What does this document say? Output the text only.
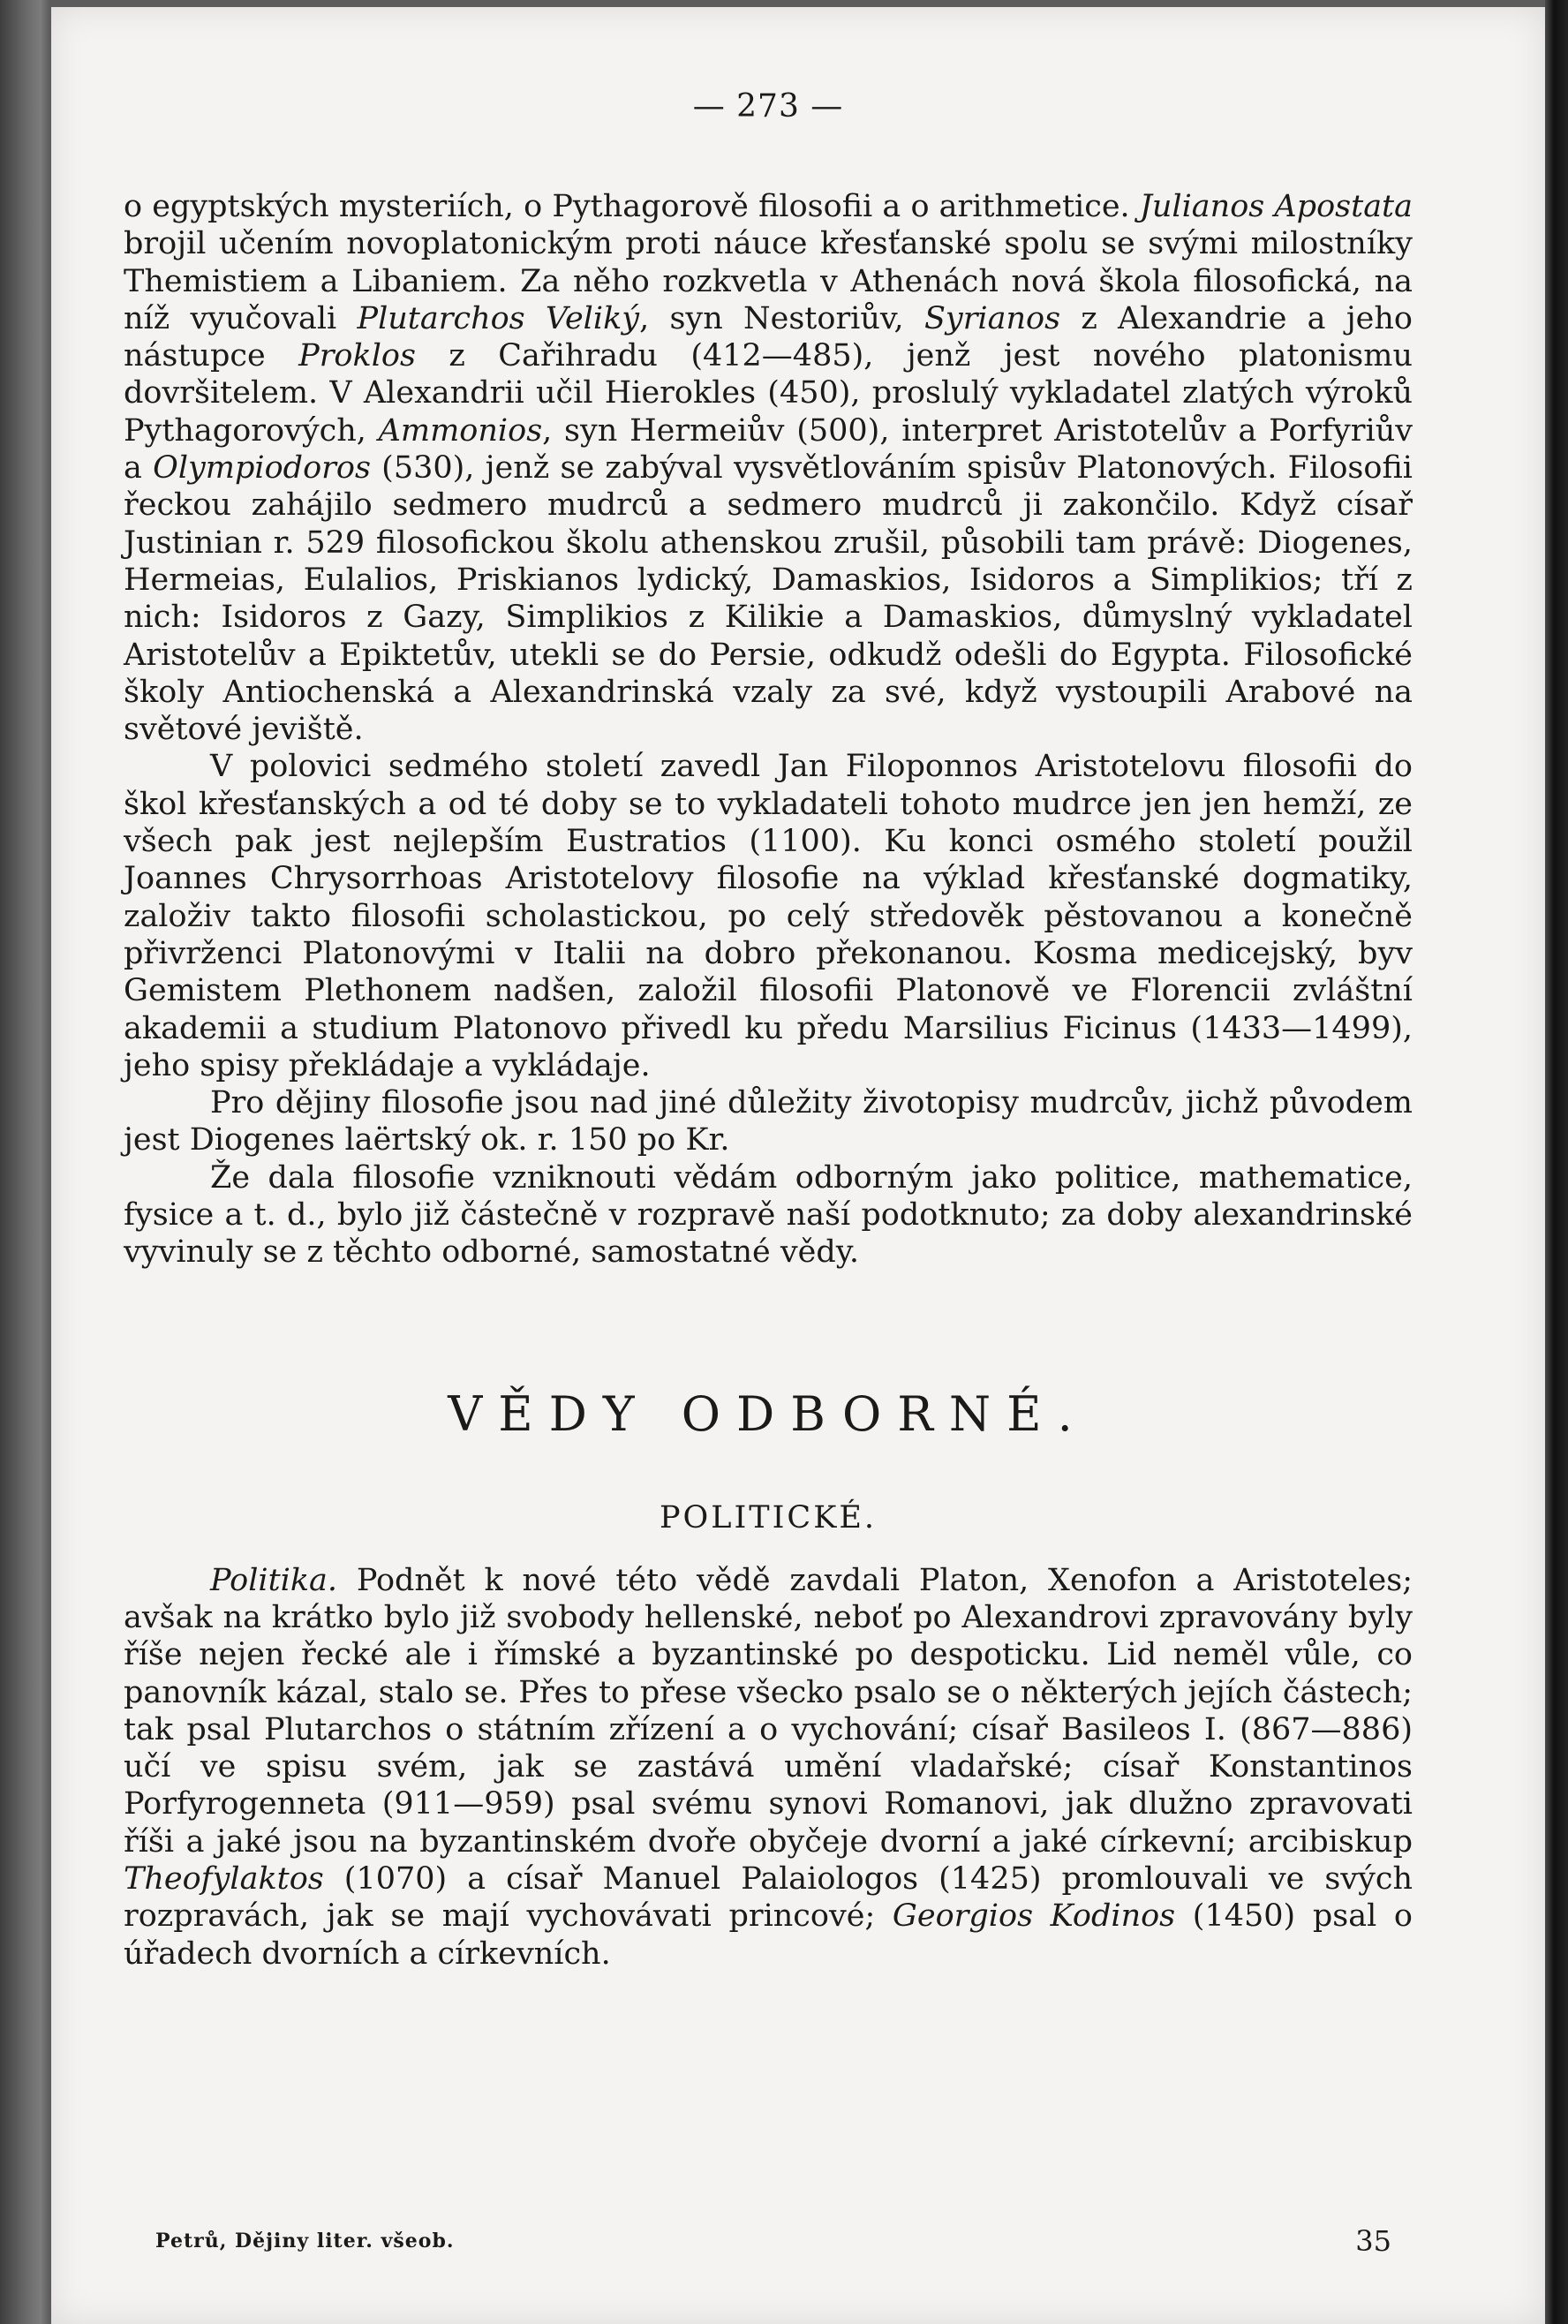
— 273 —

o egyptských mysteriích, o Pythagorově filosofii a o arithmetice. Julianos Apostata brojil učením novoplatonickým proti náuce křesťanské spolu se svými milostníky Themistiem a Libaniem. Za něho rozkvetla v Athenách nová škola filosofická, na níž vyučovali Plutarchos Veliký, syn Nestoriův, Syrianos z Alexandrie a jeho nástupce Proklos z Cařihradu (412—485), jenž jest nového platonismu dovršitelem. V Alexandrii učil Hierokles (450), proslulý vykladatel zlatých výroků Pythagorových, Ammonios, syn Hermeiův (500), interpret Aristotelův a Porfyriův a Olympiodoros (530), jenž se zabýval vysvětlováním spisův Platonových. Filosofii řeckou zahájilo sedmero mudrců a sedmero mudrců ji zakončilo. Když císař Justinian r. 529 filosofickou školu athenskou zrušil, působili tam právě: Diogenes, Hermeias, Eulalios, Priskianos lydický, Damaskios, Isidoros a Simplikios; tří z nich: Isidoros z Gazy, Simplikios z Kilikie a Damaskios, důmyslný vykladatel Aristotelův a Epiktetův, utekli se do Persie, odkudž odešli do Egypta. Filosofické školy Antiochenská a Alexandrinská vzaly za své, když vystoupili Arabové na světové jeviště.

V polovici sedmého století zavedl Jan Filoponnos Aristotelovu filosofii do škol křesťanských a od té doby se to vykladateli tohoto mudrce jen jen hemží, ze všech pak jest nejlepším Eustratios (1100). Ku konci osmého století použil Joannes Chrysorrhoas Aristotelovy filosofie na výklad křesťanské dogmatiky, založiv takto filosofii scholastickou, po celý středověk pěstovanou a konečně přivrženci Platonovými v Italii na dobro překonanou. Kosma medicejský, byv Gemistem Plethonem nadšen, založil filosofii Platonově ve Florencii zvláštní akademii a studium Platonovo přivedl ku předu Marsilius Ficinus (1433—1499), jeho spisy překládaje a vykládaje.

Pro dějiny filosofie jsou nad jiné důležity životopisy mudrcův, jichž původem jest Diogenes laërtský ok. r. 150 po Kr.

Že dala filosofie vzniknouti vědám odborným jako politice, mathematice, fysice a t. d., bylo již částečně v rozpravě naší podotknuto; za doby alexandrinské vyvinuly se z těchto odborné, samostatné vědy.

VĚDY ODBORNÉ.
POLITICKÉ.

Politika. Podnět k nové této vědě zavdali Platon, Xenofon a Aristoteles; avšak na krátko bylo již svobody hellenské, neboť po Alexandrovi zpravovány byly říše nejen řecké ale i římské a byzantinské po despoticku. Lid neměl vůle, co panovník kázal, stalo se. Přes to přese všecko psalo se o některých jejích částech; tak psal Plutarchos o státním zřízení a o vychování; císař Basileos I. (867—886) učí ve spisu svém, jak se zastává umění vladařské; císař Konstantinos Porfyrogenneta (911—959) psal svému synovi Romanovi, jak dlužno zpravovati říši a jaké jsou na byzantinském dvoře obyčeje dvorní a jaké církevní; arcibiskup Theofylaktos (1070) a císař Manuel Palaiologos (1425) promlouvali ve svých rozpravách, jak se mají vychovávati princové; Georgios Kodinos (1450) psal o úřadech dvorních a církevních.

Petrů, Dějiny liter. všeob.	35
